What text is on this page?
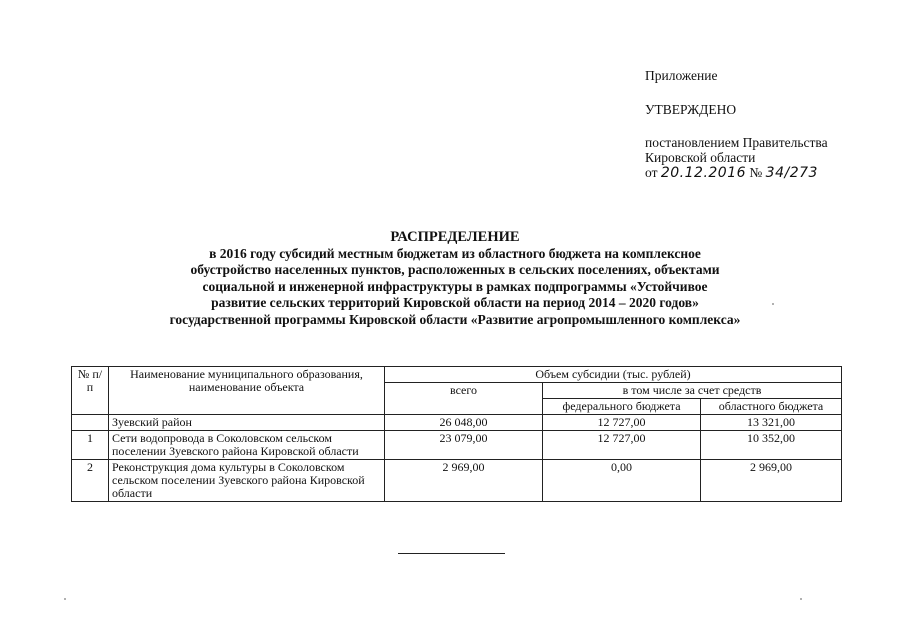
Приложение
УТВЕРЖДЕНО
постановлением Правительства
Кировской области
от 20.12.2016 № 34/273
РАСПРЕДЕЛЕНИЕ
в 2016 году субсидий местным бюджетам из областного бюджета на комплексное
обустройство населенных пунктов, расположенных в сельских поселениях, объектами
социальной и инженерной инфраструктуры в рамках подпрограммы «Устойчивое
развитие сельских территорий Кировской области на период 2014 – 2020 годов»
государственной программы Кировской области «Развитие агропромышленного комплекса»
№ п/п	Наименование муниципального образования, наименование объекта	Объем субсидии (тыс. рублей)		
		всего	в том числе за счет средств	
			федерального бюджета	областного бюджета
	Зуевский район	26 048,00	12 727,00	13 321,00
1	Сети водопровода в Соколовском сельском поселении Зуевского района Кировской области	23 079,00	12 727,00	10 352,00
2	Реконструкция дома культуры в Соколовском сельском поселении Зуевского района Кировской области	2 969,00	0,00	2 969,00
